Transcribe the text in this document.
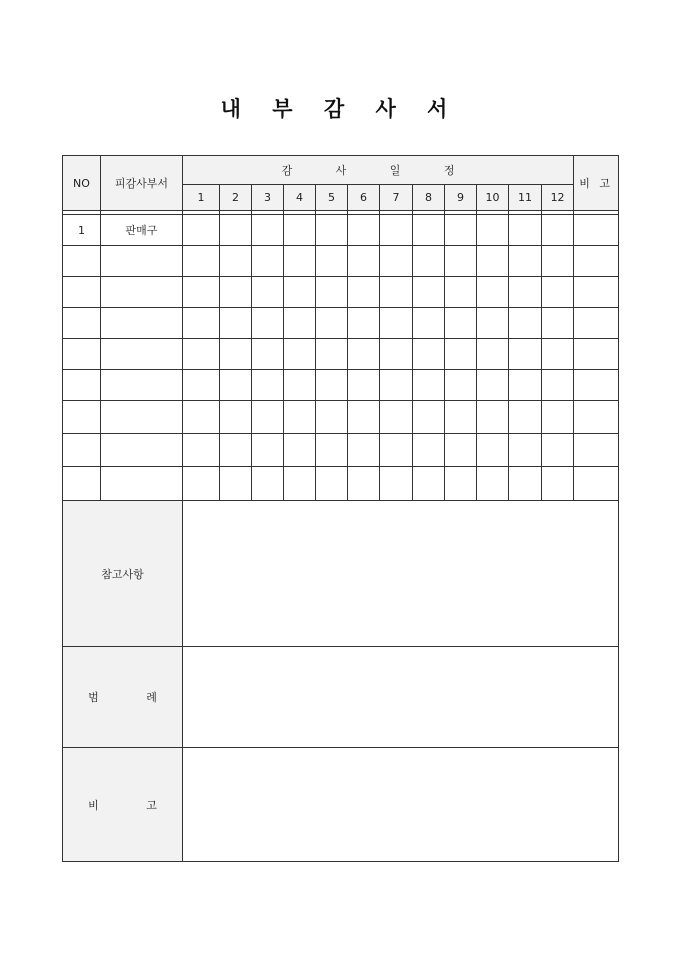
내 부 감 사 서
NO	피감사부서	감 사 일 정												비 고
		1	2	3	4	5	6	7	8	9	10	11	12	

1	판매구													

참고사항														
범 례														
비 고														
